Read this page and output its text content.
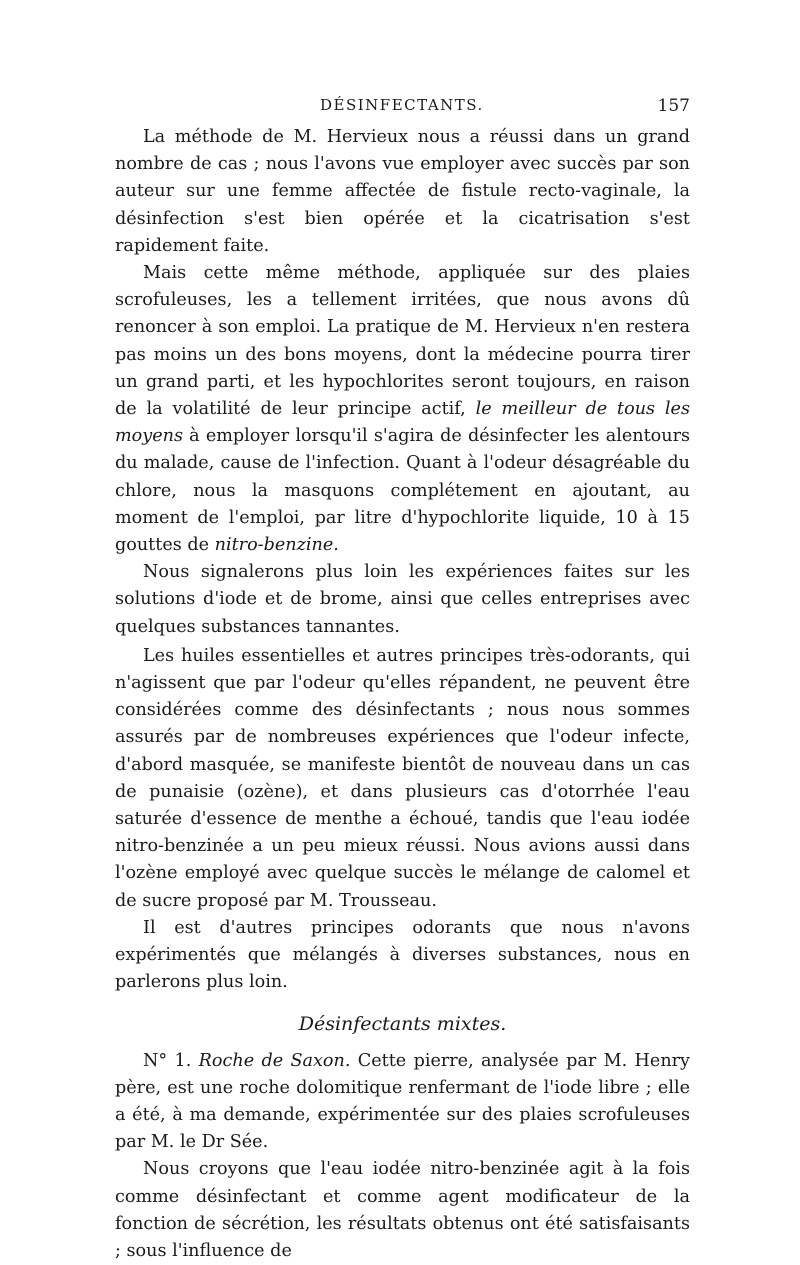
DÉSINFECTANTS.	157

La méthode de M. Hervieux nous a réussi dans un grand nombre de cas ; nous l'avons vue employer avec succès par son auteur sur une femme affectée de fistule recto-vaginale, la désinfection s'est bien opérée et la cicatrisation s'est rapidement faite.

Mais cette même méthode, appliquée sur des plaies scrofuleuses, les a tellement irritées, que nous avons dû renoncer à son emploi. La pratique de M. Hervieux n'en restera pas moins un des bons moyens, dont la médecine pourra tirer un grand parti, et les hypochlorites seront toujours, en raison de la volatilité de leur principe actif, le meilleur de tous les moyens à employer lorsqu'il s'agira de désinfecter les alentours du malade, cause de l'infection. Quant à l'odeur désagréable du chlore, nous la masquons complétement en ajoutant, au moment de l'emploi, par litre d'hypochlorite liquide, 10 à 15 gouttes de nitro-benzine.

Nous signalerons plus loin les expériences faites sur les solutions d'iode et de brome, ainsi que celles entreprises avec quelques substances tannantes.

Les huiles essentielles et autres principes très-odorants, qui n'agissent que par l'odeur qu'elles répandent, ne peuvent être considérées comme des désinfectants ; nous nous sommes assurés par de nombreuses expériences que l'odeur infecte, d'abord masquée, se manifeste bientôt de nouveau dans un cas de punaisie (ozène), et dans plusieurs cas d'otorrhée l'eau saturée d'essence de menthe a échoué, tandis que l'eau iodée nitro-benzinée a un peu mieux réussi. Nous avions aussi dans l'ozène employé avec quelque succès le mélange de calomel et de sucre proposé par M. Trousseau.

Il est d'autres principes odorants que nous n'avons expérimentés que mélangés à diverses substances, nous en parlerons plus loin.

Désinfectants mixtes.

N° 1. Roche de Saxon. Cette pierre, analysée par M. Henry père, est une roche dolomitique renfermant de l'iode libre ; elle a été, à ma demande, expérimentée sur des plaies scrofuleuses par M. le Dr Sée.

Nous croyons que l'eau iodée nitro-benzinée agit à la fois comme désinfectant et comme agent modificateur de la fonction de sécrétion, les résultats obtenus ont été satisfaisants ; sous l'influence de
